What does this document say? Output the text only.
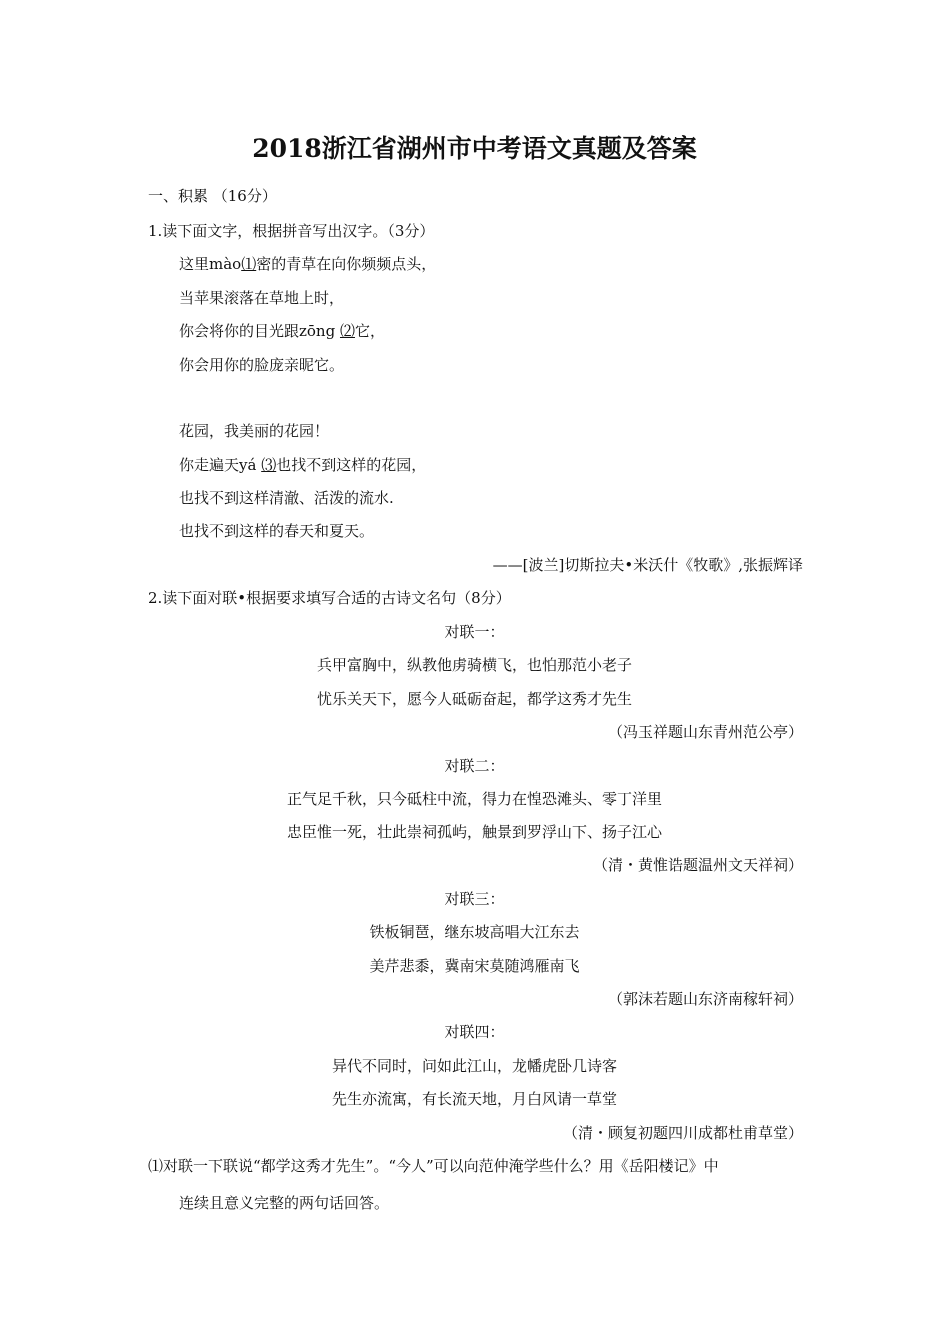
2018浙江省湖州市中考语文真题及答案
一、积累 （16分）
1.读下面文字，根据拼音写出汉字。（3分）
这里mào⑴密的青草在向你频频点头，
当苹果滚落在草地上时，
你会将你的目光跟zōng ⑵它，
你会用你的脸庞亲昵它。
花园，我美丽的花园！
你走遍天yá ⑶也找不到这样的花园，
也找不到这样清澈、活泼的流水.
也找不到这样的春天和夏天。
——[波兰]切斯拉夫•米沃什《牧歌》,张振辉译
2.读下面对联•根据要求填写合适的古诗文名句（8分）
对联一：
兵甲富胸中，纵教他虏骑横飞，也怕那范小老子
忧乐关天下，愿今人砥砺奋起，都学这秀才先生
（冯玉祥题山东青州范公亭）
对联二：
正气足千秋，只今砥柱中流，得力在惶恐滩头、零丁洋里
忠臣惟一死，壮此崇祠孤屿，触景到罗浮山下、扬子江心
（清・黄惟诰题温州文天祥祠）
对联三：
铁板铜琶，继东坡高唱大江东去
美芹悲黍，冀南宋莫随鸿雁南飞
（郭沫若题山东济南稼轩祠）
对联四：
异代不同时，问如此江山，龙幡虎卧几诗客
先生亦流寓，有长流天地，月白风请一草堂
（清・顾复初题四川成都杜甫草堂）
⑴对联一下联说“都学这秀才先生”。“今人”可以向范仲淹学些什么？用《岳阳楼记》中
连续且意义完整的两句话回答。
